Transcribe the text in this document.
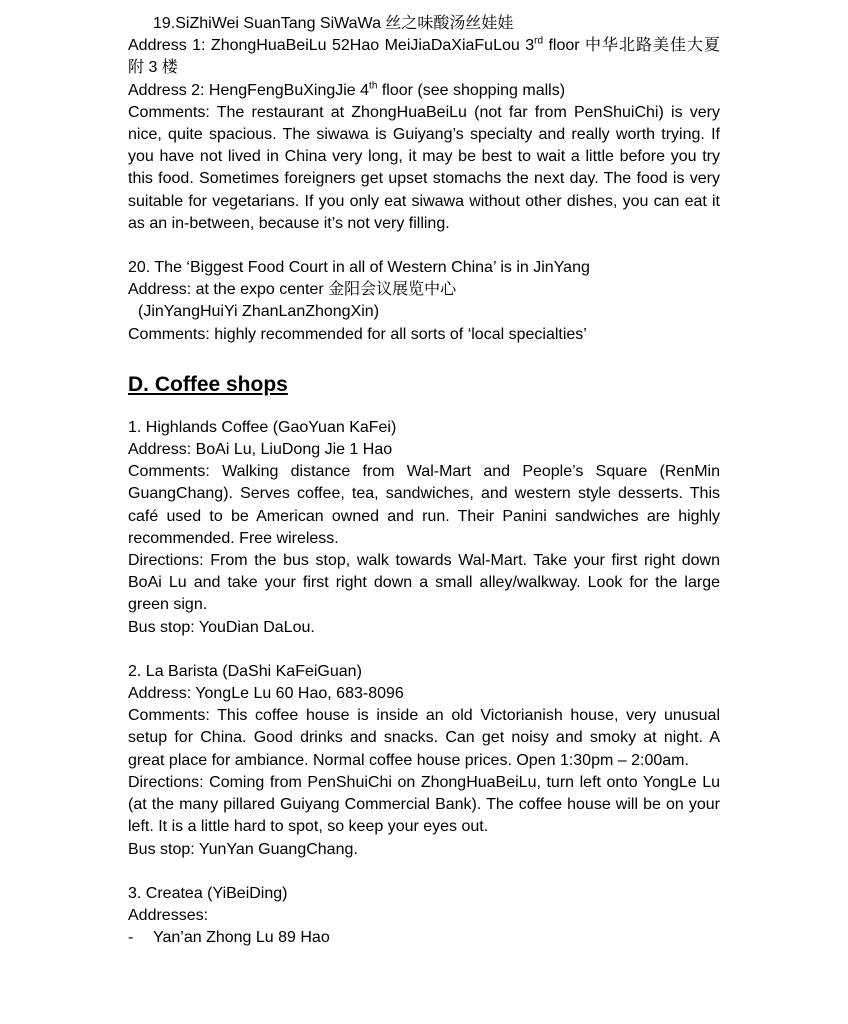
19.SiZhiWei SuanTang SiWaWa 丝之味酸汤丝娃娃

Address 1: ZhongHuaBeiLu 52Hao MeiJiaDaXiaFuLou 3rd floor 中华北路美佳大夏附 3 楼

Address 2: HengFengBuXingJie 4th floor (see shopping malls)

Comments: The restaurant at ZhongHuaBeiLu (not far from PenShuiChi) is very nice, quite spacious. The siwawa is Guiyang’s specialty and really worth trying. If you have not lived in China very long, it may be best to wait a little before you try this food. Sometimes foreigners get upset stomachs the next day. The food is very suitable for vegetarians. If you only eat siwawa without other dishes, you can eat it as an in-between, because it’s not very filling.

20. The ‘Biggest Food Court in all of Western China’ is in JinYang

Address: at the expo center 金阳会议展览中心

(JinYangHuiYi ZhanLanZhongXin)

Comments: highly recommended for all sorts of ‘local specialties’

D. Coffee shops

1. Highlands Coffee (GaoYuan KaFei)

Address: BoAi Lu, LiuDong Jie 1 Hao

Comments: Walking distance from Wal-Mart and People’s Square (RenMin GuangChang). Serves coffee, tea, sandwiches, and western style desserts. This café used to be American owned and run. Their Panini sandwiches are highly recommended. Free wireless.

Directions: From the bus stop, walk towards Wal-Mart. Take your first right down BoAi Lu and take your first right down a small alley/walkway. Look for the large green sign.

Bus stop: YouDian DaLou.

2. La Barista (DaShi KaFeiGuan)

Address: YongLe Lu 60 Hao, 683-8096

Comments: This coffee house is inside an old Victorianish house, very unusual setup for China. Good drinks and snacks. Can get noisy and smoky at night. A great place for ambiance. Normal coffee house prices. Open 1:30pm – 2:00am.

Directions: Coming from PenShuiChi on ZhongHuaBeiLu, turn left onto YongLe Lu (at the many pillared Guiyang Commercial Bank). The coffee house will be on your left. It is a little hard to spot, so keep your eyes out.

Bus stop: YunYan GuangChang.

3. Createa (YiBeiDing)

Addresses:

-	Yan’an Zhong Lu 89 Hao
